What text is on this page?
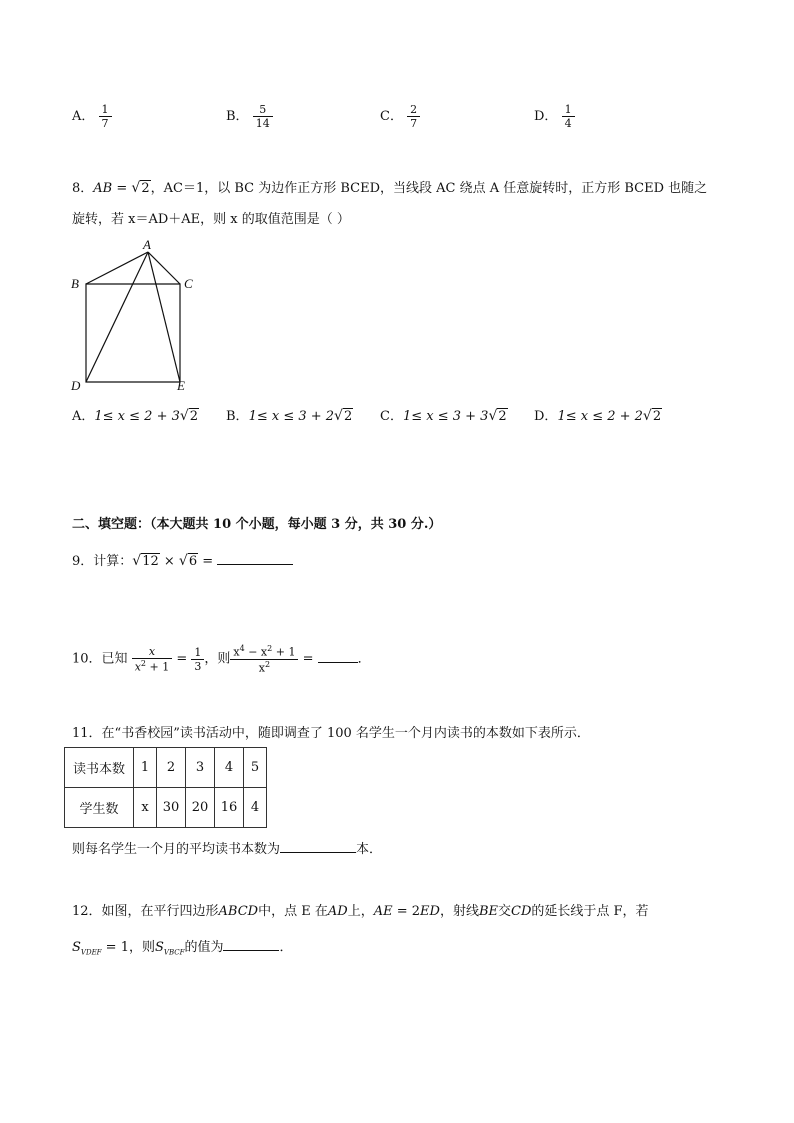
A． $\frac{1}{7}$	B． $\frac{5}{14}$	C． $\frac{2}{7}$	D． $\frac{1}{4}$
8．AB = √2，AC＝1，以 BC 为边作正方形 BCED，当线段 AC 绕点 A 任意旋转时，正方形 BCED 也随之
旋转，若 x＝AD＋AE，则 x 的取值范围是（ ）
A
B	C
D	E
A．1≤ x ≤ 2 + 3√2 B．1≤ x ≤ 3 + 2√2 C．1≤ x ≤ 3 + 3√2 D．1≤ x ≤ 2 + 2√2
二、填空题：（本大题共 10 个小题，每小题 3 分，共 30 分.）
9．计算：√12 × √6 =
10．已知 $\frac{x}{x^2 + 1} = \frac{1}{3}$ ，则 $\frac{x^4 - x^2 + 1}{x^2}$ =	．
11．在“书香校园”读书活动中，随即调查了 100 名学生一个月内读书的本数如下表所示．
读书本数	1	2	3	4	5
学生数	x	30	20	16	4
则每名学生一个月的平均读书本数为	本．
12．如图，在平行四边形ABCD中，点 E 在AD上，AE = 2ED，射线BE交CD的延长线于点 F，若
$S_{VDEF} = 1$，则$S_{VBCF}$的值为	．
